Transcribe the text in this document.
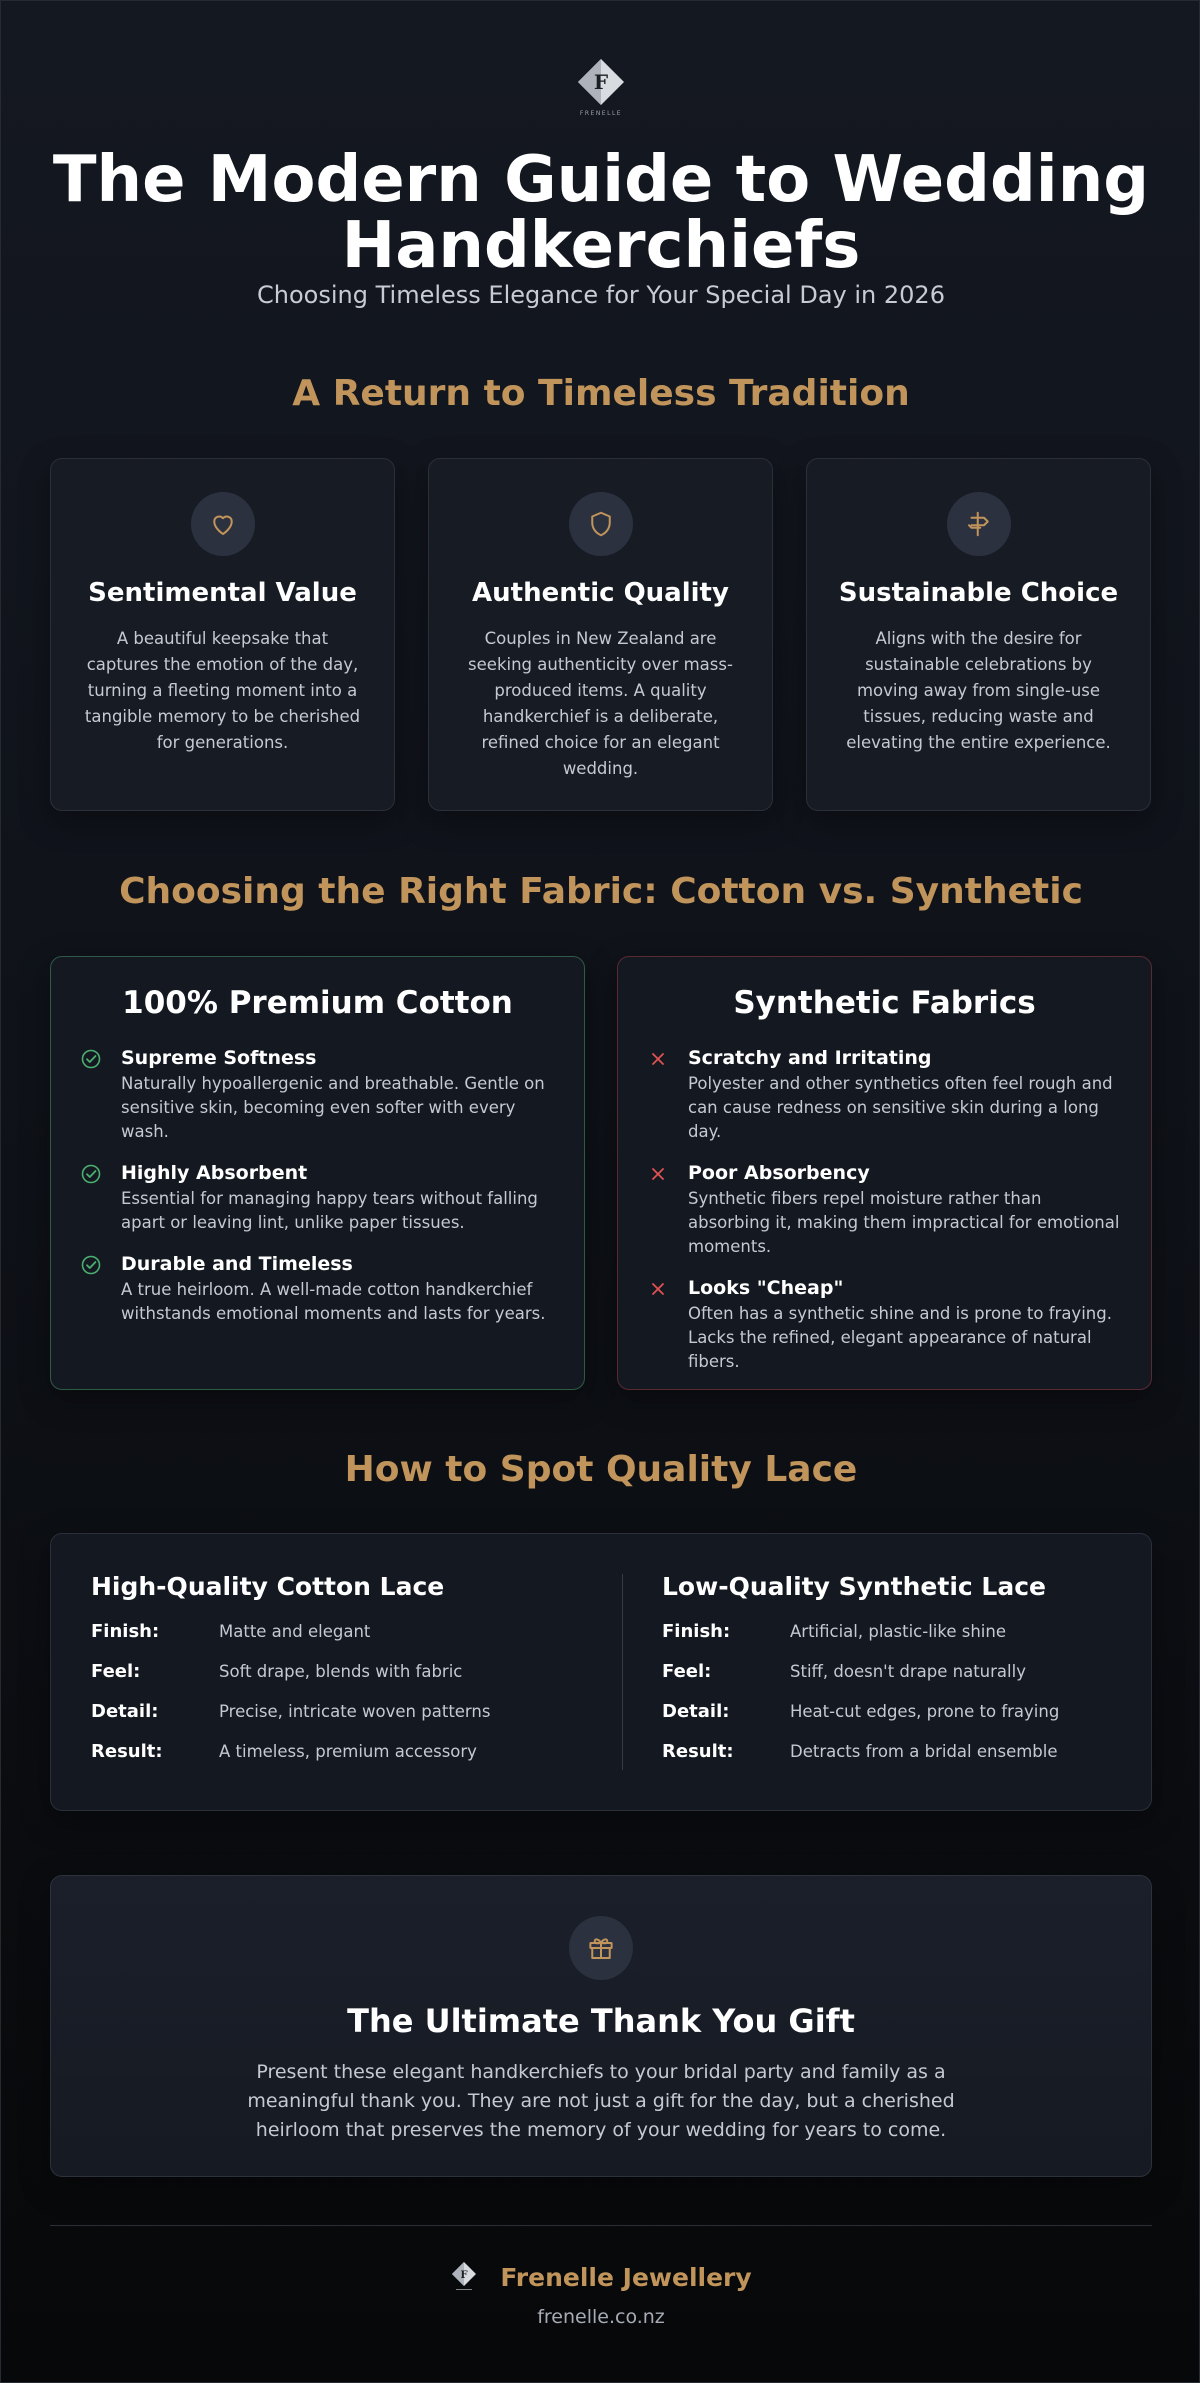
F
FRENELLE
The Modern Guide to Wedding Handkerchiefs

Choosing Timeless Elegance for Your Special Day in 2026

A Return to Timeless Tradition
Sentimental Value

A beautiful keepsake that captures the emotion of the day, turning a fleeting moment into a tangible memory to be cherished for generations.

Authentic Quality

Couples in New Zealand are seeking authenticity over mass-produced items. A quality handkerchief is a deliberate, refined choice for an elegant wedding.

Sustainable Choice

Aligns with the desire for sustainable celebrations by moving away from single-use tissues, reducing waste and elevating the entire experience.

Choosing the Right Fabric: Cotton vs. Synthetic
100% Premium Cotton
Supreme Softness

Naturally hypoallergenic and breathable. Gentle on sensitive skin, becoming even softer with every wash.

Highly Absorbent

Essential for managing happy tears without falling apart or leaving lint, unlike paper tissues.

Durable and Timeless

A true heirloom. A well-made cotton handkerchief withstands emotional moments and lasts for years.

Synthetic Fabrics
Scratchy and Irritating

Polyester and other synthetics often feel rough and can cause redness on sensitive skin during a long day.

Poor Absorbency

Synthetic fibers repel moisture rather than absorbing it, making them impractical for emotional moments.

Looks "Cheap"

Often has a synthetic shine and is prone to fraying. Lacks the refined, elegant appearance of natural fibers.

How to Spot Quality Lace
High-Quality Cotton Lace
Finish:	Matte and elegant
Feel:	Soft drape, blends with fabric
Detail:	Precise, intricate woven patterns
Result:	A timeless, premium accessory
Low-Quality Synthetic Lace
Finish:	Artificial, plastic-like shine
Feel:	Stiff, doesn't drape naturally
Detail:	Heat-cut edges, prone to fraying
Result:	Detracts from a bridal ensemble
The Ultimate Thank You Gift

Present these elegant handkerchiefs to your bridal party and family as a meaningful thank you. They are not just a gift for the day, but a cherished heirloom that preserves the memory of your wedding for years to come.

F Frenelle Jewellery
frenelle.co.nz
